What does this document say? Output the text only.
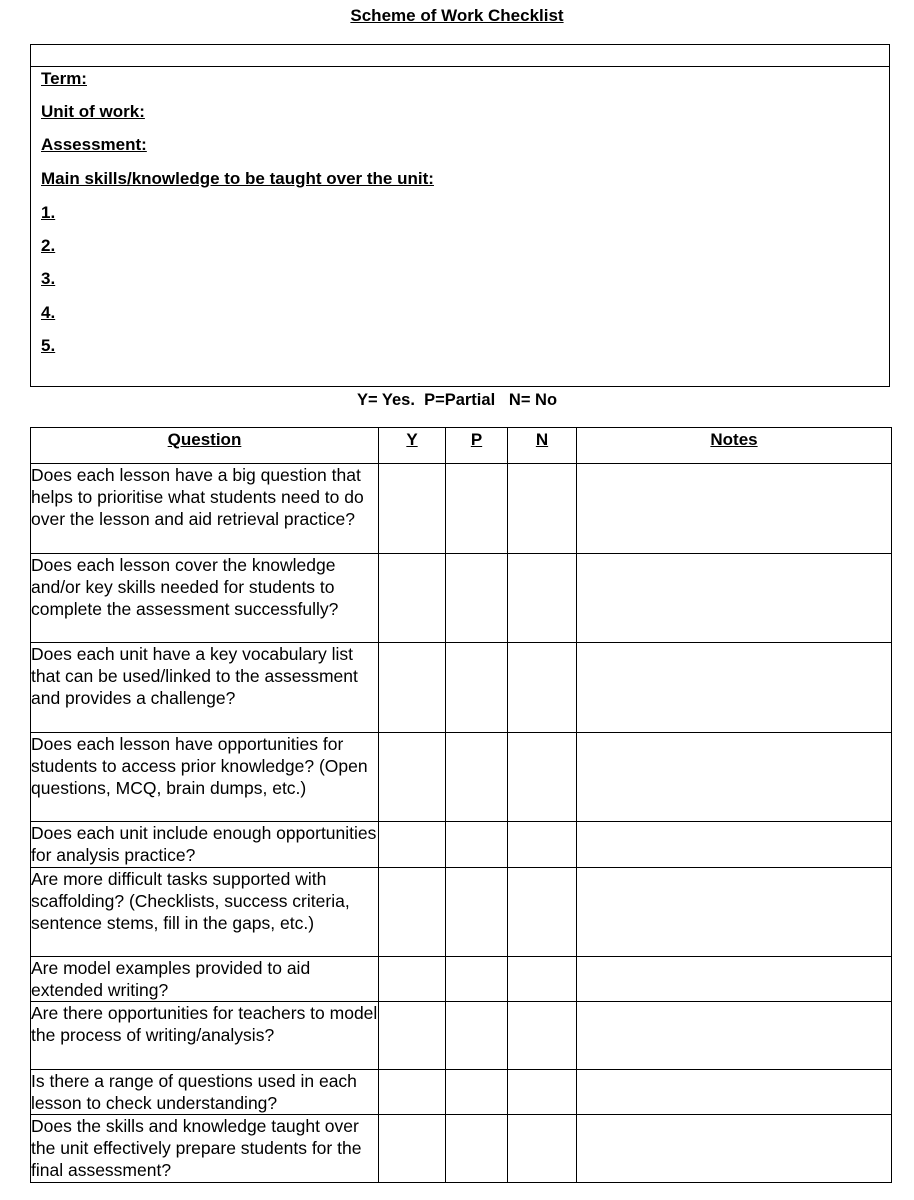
Scheme of Work Checklist
Term:
Unit of work:
Assessment:
Main skills/knowledge to be taught over the unit:
1.
2.
3.
4.
5.
Y= Yes.  P=Partial   N= No
Question	Y	P	N	Notes
Does each lesson have a big question that helps to prioritise what students need to do over the lesson and aid retrieval practice?				
Does each lesson cover the knowledge and/or key skills needed for students to complete the assessment successfully?				
Does each unit have a key vocabulary list that can be used/linked to the assessment and provides a challenge?				
Does each lesson have opportunities for students to access prior knowledge? (Open questions, MCQ, brain dumps, etc.)				
Does each unit include enough opportunities for analysis practice?				
Are more difficult tasks supported with scaffolding? (Checklists, success criteria, sentence stems, fill in the gaps, etc.)				
Are model examples provided to aid extended writing?				
Are there opportunities for teachers to model the process of writing/analysis?				
Is there a range of questions used in each lesson to check understanding?				
Does the skills and knowledge taught over the unit effectively prepare students for the final assessment?				
